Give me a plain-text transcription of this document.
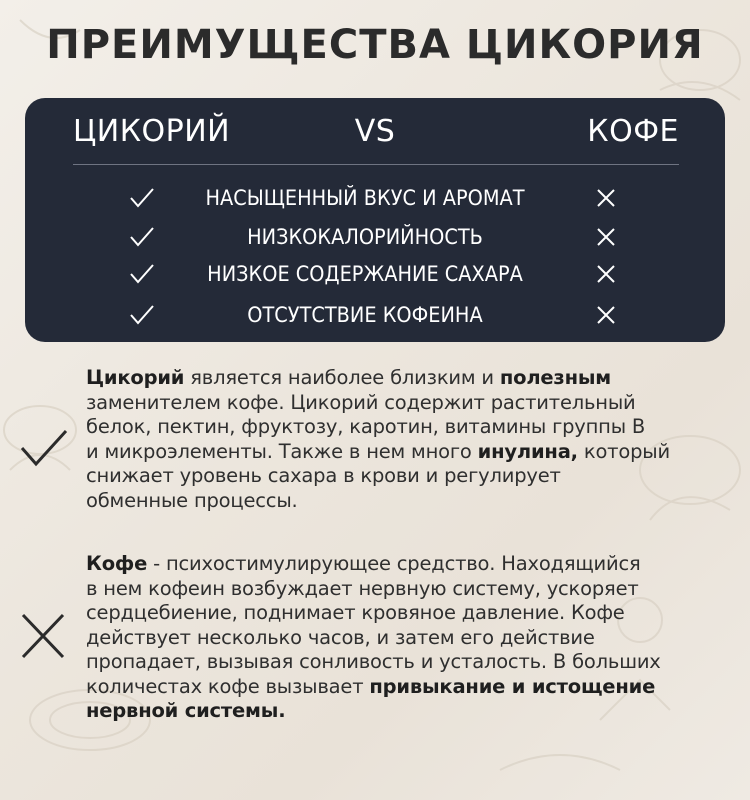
ПРЕИМУЩЕСТВА ЦИКОРИЯ
ЦИКОРИЙ	VS	КОФЕ
НАСЫЩЕННЫЙ ВКУС И АРОМАТ
НИЗКОКАЛОРИЙНОСТЬ
НИЗКОЕ СОДЕРЖАНИЕ САХАРА
ОТСУТСТВИЕ КОФЕИНА
Цикорий является наиболее близким и полезным
заменителем кофе. Цикорий содержит растительный
белок, пектин, фруктозу, каротин, витамины группы В
и микроэлементы. Также в нем много инулина, который
снижает уровень сахара в крови и регулирует
обменные процессы.
Кофе - психостимулирующее средство. Находящийся
в нем кофеин возбуждает нервную систему, ускоряет
сердцебиение, поднимает кровяное давление. Кофе
действует несколько часов, и затем его действие
пропадает, вызывая сонливость и усталость. В больших
количестах кофе вызывает привыкание и истощение
нервной системы.
